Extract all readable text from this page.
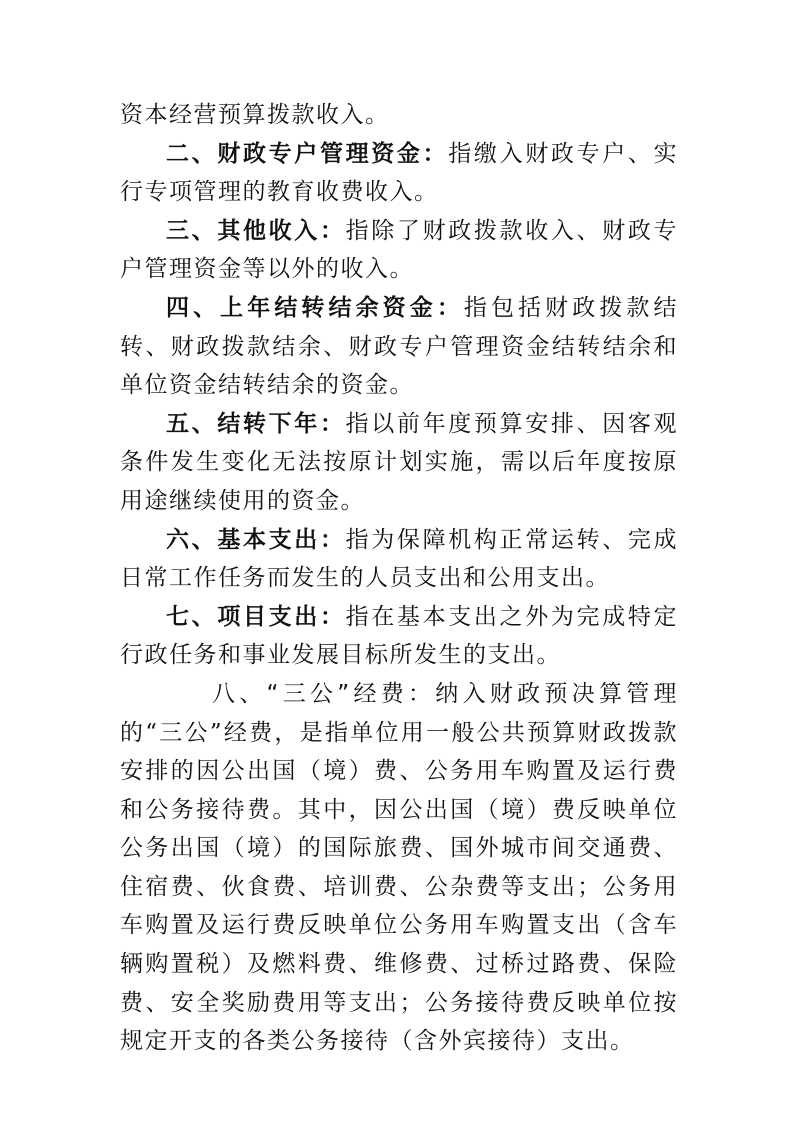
资本经营预算拨款收入。

二、财政专户管理资金：指缴入财政专户、实行专项管理的教育收费收入。

三、其他收入：指除了财政拨款收入、财政专户管理资金等以外的收入。

四、上年结转结余资金：指包括财政拨款结转、财政拨款结余、财政专户管理资金结转结余和单位资金结转结余的资金。

五、结转下年：指以前年度预算安排、因客观条件发生变化无法按原计划实施，需以后年度按原用途继续使用的资金。

六、基本支出：指为保障机构正常运转、完成日常工作任务而发生的人员支出和公用支出。

七、项目支出：指在基本支出之外为完成特定行政任务和事业发展目标所发生的支出。

八、“三公”经费：纳入财政预决算管理的“三公”经费，是指单位用一般公共预算财政拨款安排的因公出国（境）费、公务用车购置及运行费和公务接待费。其中，因公出国（境）费反映单位公务出国（境）的国际旅费、国外城市间交通费、住宿费、伙食费、培训费、公杂费等支出；公务用车购置及运行费反映单位公务用车购置支出（含车辆购置税）及燃料费、维修费、过桥过路费、保险费、安全奖励费用等支出；公务接待费反映单位按规定开支的各类公务接待（含外宾接待）支出。
